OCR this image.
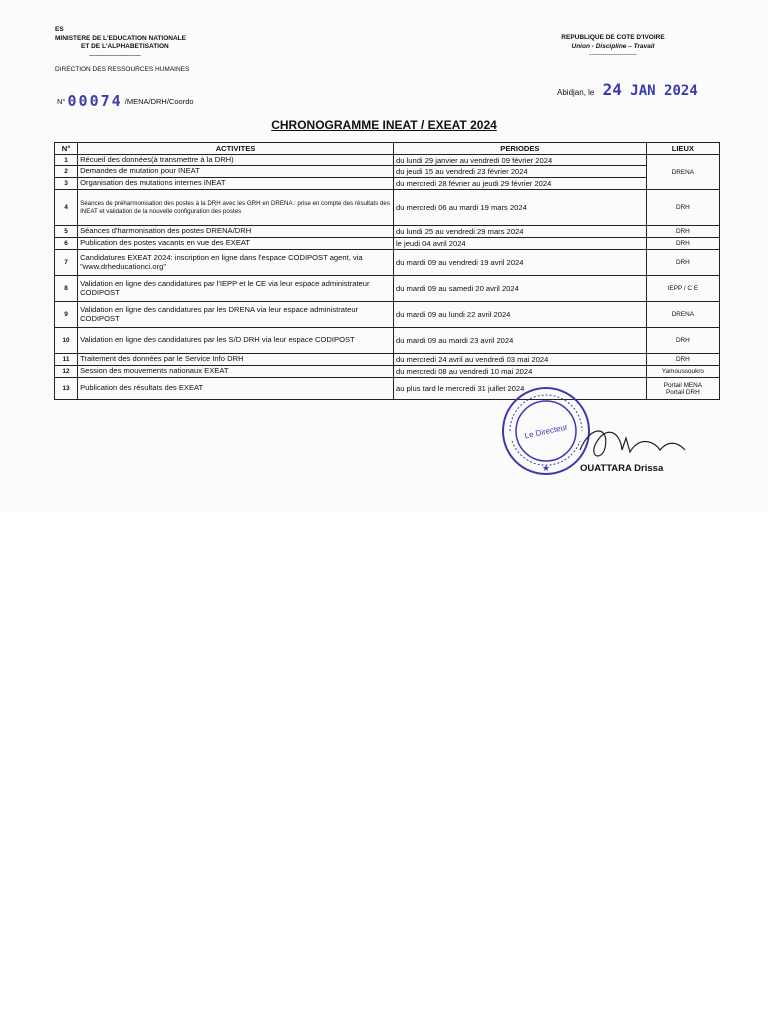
ES
MINISTERE DE L'EDUCATION NATIONALE
ET DE L'ALPHABETISATION
-------------------------------
DIRECTION DES RESSOURCES HUMAINES
REPUBLIQUE DE COTE D'IVOIRE
Union - Discipline – Travail
----------------------
N° 00074 /MENA/DRH/Coordo
Abidjan, le 24 JAN 2024
CHRONOGRAMME INEAT / EXEAT 2024
N°	ACTIVITES	PERIODES	LIEUX
1	Récueil des données(à transmettre à la DRH)	du lundi 29 janvier au vendredi 09 février 2024	DRENA
2	Demandes de mutation pour INEAT	du jeudi 15 au vendredi 23 février 2024	
3	Organisation des mutations internes INEAT	du mercredi 28 février au jeudi 29 février 2024	
4	Séances de préharmonisation des postes à la DRH avec les GRH en DRENA : prise en compte des résultats des INEAT et validation de la nouvelle configuration des postes	du mercredi 06 au mardi 19 mars 2024	DRH
5	Séances d'harmonisation des postes DRENA/DRH	du lundi 25 au vendredi 29 mars 2024	DRH
6	Publication des postes vacants en vue des EXEAT	le jeudi 04 avril 2024	DRH
7	Candidatures EXEAT 2024: inscription en ligne dans l'espace CODIPOST agent, via "www.drheducationci.org"	du mardi 09 au vendredi 19 avril 2024	DRH
8	Validation en ligne des candidatures par l'IEPP et le CE via leur espace administrateur CODIPOST	du mardi 09 au samedi 20 avril 2024	IEPP / C E
9	Validation en ligne des candidatures par les DRENA via leur espace administrateur CODIPOST	du mardi 09 au lundi 22 avril 2024	DRENA
10	Validation en ligne des candidatures par les S/D DRH via leur espace CODIPOST	du mardi 09 au mardi 23 avril 2024	DRH
11	Traitement des données par le Service Info DRH	du mercredi 24 avril au vendredi 03 mai 2024	DRH
12	Session des mouvements nationaux EXEAT	du mercredi 08 au vendredi 10 mai 2024	Yamoussoukro
13	Publication des résultats des EXEAT	au plus tard le mercredi 31 juillet 2024	Portail MENA
Portail DRH
Le Directeur
★	OUATTARA Drissa
